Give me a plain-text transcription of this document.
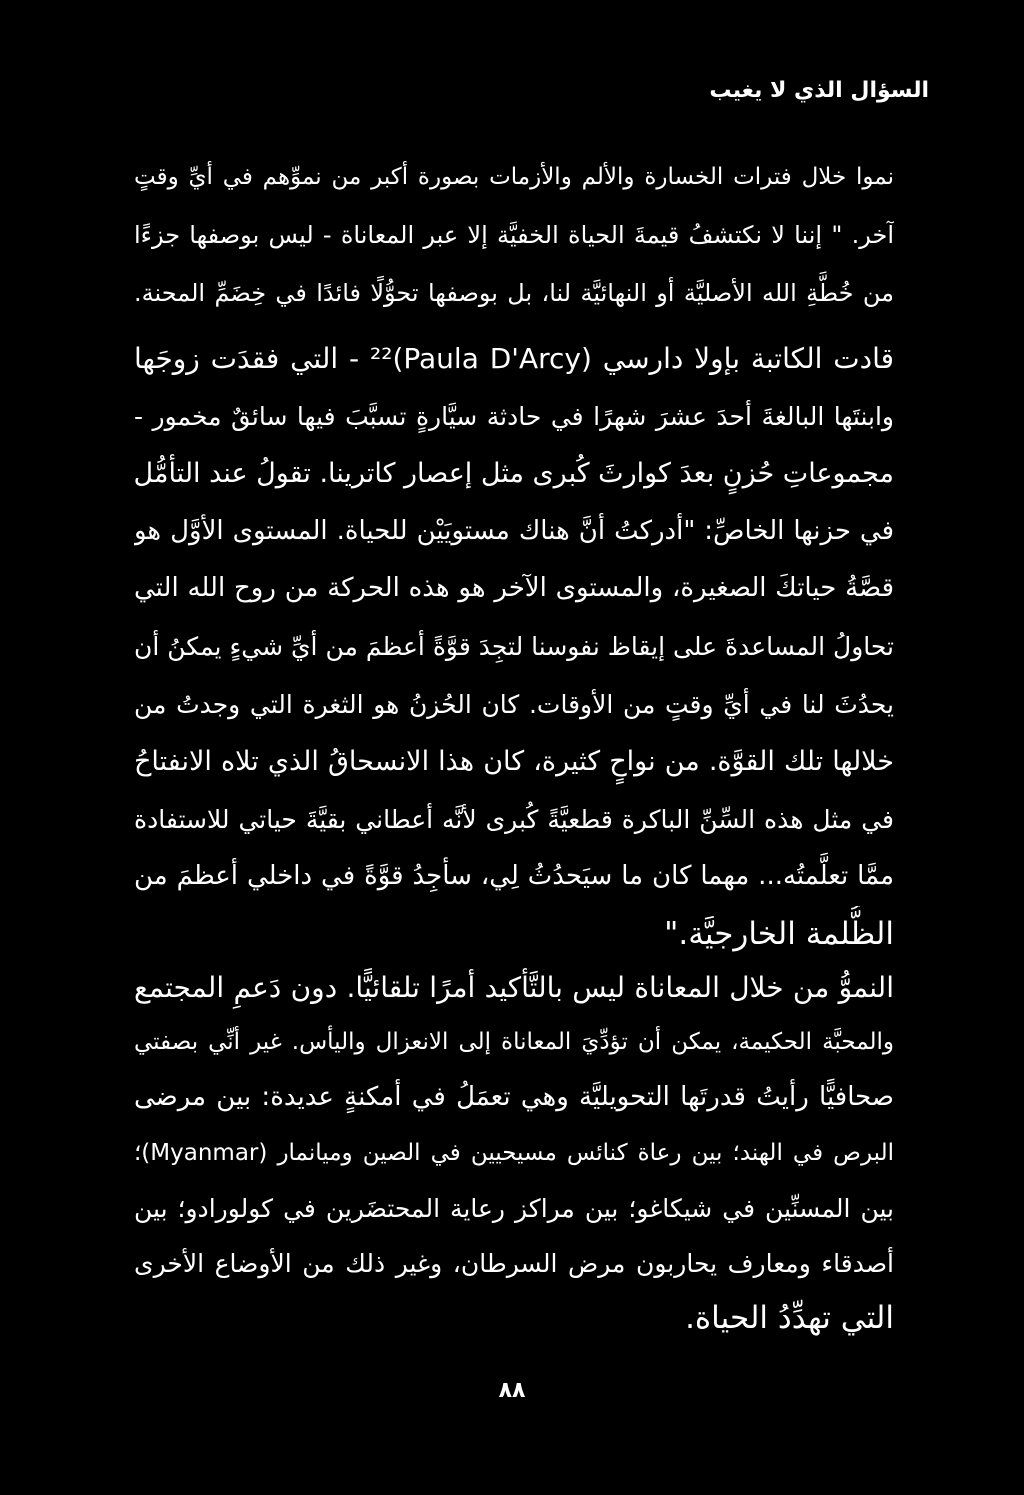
السؤال الذي لا يغيب
نموا خلال فترات الخسارة والألم والأزمات بصورة أكبر من نموِّهم في أيِّ وقتٍ
آخر. " إننا لا نكتشفُ قيمةَ الحياة الخفيَّة إلا عبر المعاناة - ليس بوصفها جزءًا
من خُطَّةِ الله الأصليَّة أو النهائيَّة لنا، بل بوصفها تحوُّلًا فائدًا في خِضَمِّ المحنة.
قادت الكاتبة بإولا دارسي (Paula D'Arcy)²² - التي فقدَت زوجَها
وابنتَها البالغةَ أحدَ عشرَ شهرًا في حادثة سيَّارةٍ تسبَّبَ فيها سائقٌ مخمور -
مجموعاتِ حُزنٍ بعدَ كوارثَ كُبرى مثل إعصار كاترينا. تقولُ عند التأمُّل
في حزنها الخاصِّ: "أدركتُ أنَّ هناك مستويَيْن للحياة. المستوى الأوَّل هو
قصَّةُ حياتكَ الصغيرة، والمستوى الآخر هو هذه الحركة من روح الله التي
تحاولُ المساعدةَ على إيقاظ نفوسنا لتجِدَ قوَّةً أعظمَ من أيِّ شيءٍ يمكنُ أن
يحدُثَ لنا في أيِّ وقتٍ من الأوقات. كان الحُزنُ هو الثغرة التي وجدتُ من
خلالها تلك القوَّة. من نواحٍ كثيرة، كان هذا الانسحاقُ الذي تلاه الانفتاحُ
في مثل هذه السِّنِّ الباكرة قطعيَّةً كُبرى لأنَّه أعطاني بقيَّةَ حياتي للاستفادة
ممَّا تعلَّمتُه... مهما كان ما سيَحدُثُ لِي، سأجِدُ قوَّةً في داخلي أعظمَ من
الظُّلمة الخارجيَّة."
النموُّ من خلال المعاناة ليس بالتَّأكيد أمرًا تلقائيًّا. دون دَعمِ المجتمع
والمحبَّة الحكيمة، يمكن أن تؤدِّيَ المعاناة إلى الانعزال واليأس. غير أنِّي بصفتي
صحافيًّا رأيتُ قدرتَها التحويليَّة وهي تعمَلُ في أمكنةٍ عديدة: بين مرضى
البرص في الهند؛ بين رعاة كنائس مسيحيين في الصين وميانمار (Myanmar)؛
بين المسنِّين في شيكاغو؛ بين مراكز رعاية المحتضَرين في كولورادو؛ بين
أصدقاء ومعارف يحاربون مرض السرطان، وغير ذلك من الأوضاع الأخرى
التي تهدِّدُ الحياة.
٨٨
